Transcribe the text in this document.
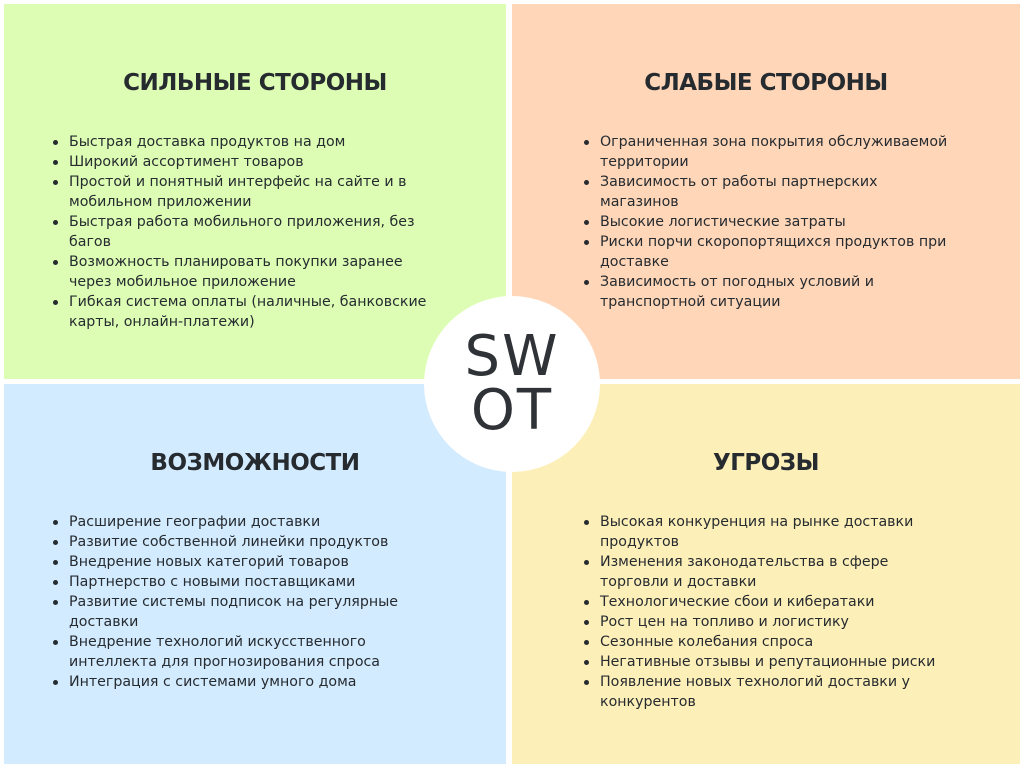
СИЛЬНЫЕ СТОРОНЫ
Быстрая доставка продуктов на дом
Широкий ассортимент товаров
Простой и понятный интерфейс на сайте и в мобильном приложении
Быстрая работа мобильного приложения, без багов
Возможность планировать покупки заранее через мобильное приложение
Гибкая система оплаты (наличные, банковские карты, онлайн-платежи)
СЛАБЫЕ СТОРОНЫ
Ограниченная зона покрытия обслуживаемой территории
Зависимость от работы партнерских магазинов
Высокие логистические затраты
Риски порчи скоропортящихся продуктов при доставке
Зависимость от погодных условий и транспортной ситуации
ВОЗМОЖНОСТИ
Расширение географии доставки
Развитие собственной линейки продуктов
Внедрение новых категорий товаров
Партнерство с новыми поставщиками
Развитие системы подписок на регулярные доставки
Внедрение технологий искусственного интеллекта для прогнозирования спроса
Интеграция с системами умного дома
УГРОЗЫ
Высокая конкуренция на рынке доставки продуктов
Изменения законодательства в сфере торговли и доставки
Технологические сбои и кибератаки
Рост цен на топливо и логистику
Сезонные колебания спроса
Негативные отзывы и репутационные риски
Появление новых технологий доставки у конкурентов
SW
OT
